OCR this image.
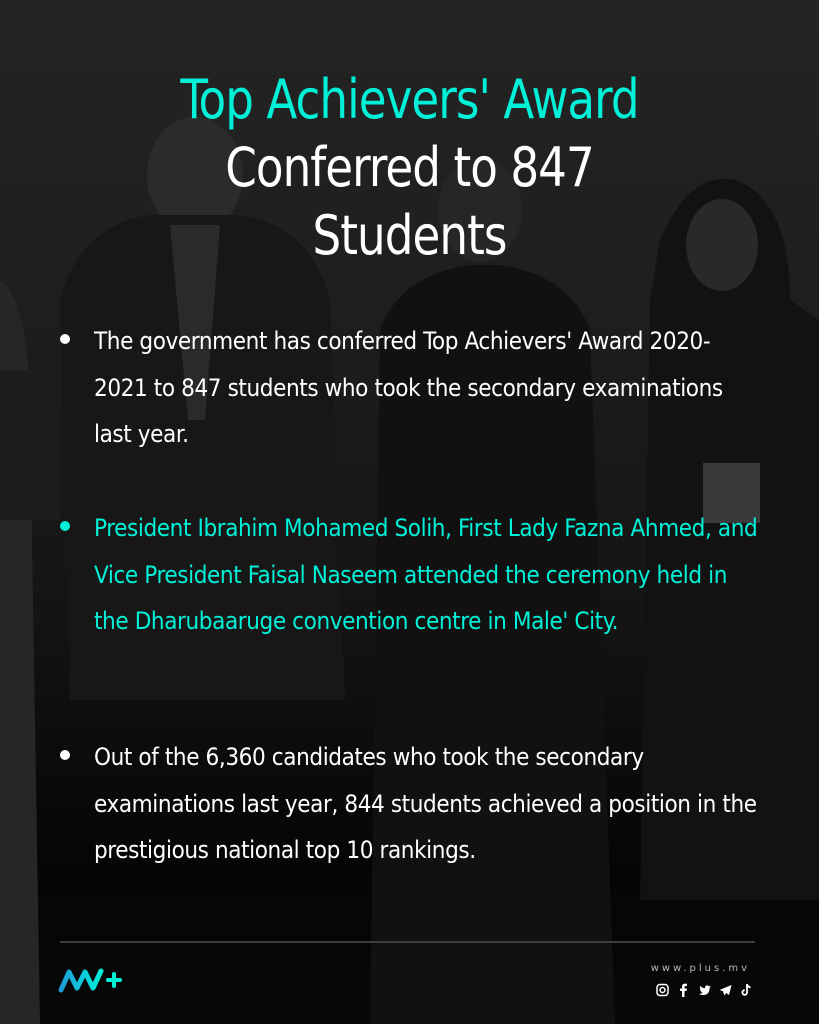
Top Achievers' Award
Conferred to 847
Students
The government has conferred Top Achievers' Award 2020-2021 to 847 students who took the secondary examinations last year.
President Ibrahim Mohamed Solih, First Lady Fazna Ahmed, and Vice President Faisal Naseem attended the ceremony held in the Dharubaaruge convention centre in Male' City.
Out of the 6,360 candidates who took the secondary examinations last year, 844 students achieved a position in the prestigious national top 10 rankings.
www.plus.mv
